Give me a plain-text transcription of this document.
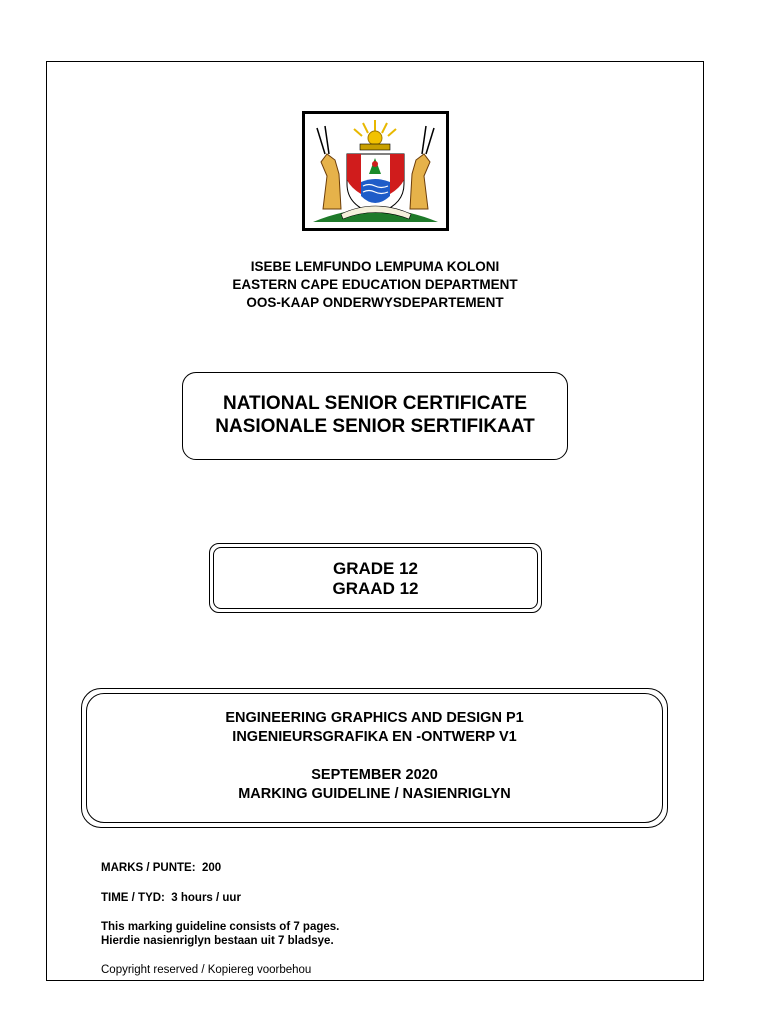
ISEBE LEMFUNDO LEMPUMA KOLONI
EASTERN CAPE EDUCATION DEPARTMENT
OOS-KAAP ONDERWYSDEPARTEMENT
NATIONAL SENIOR CERTIFICATE
NASIONALE SENIOR SERTIFIKAAT
GRADE 12
GRAAD 12
ENGINEERING GRAPHICS AND DESIGN P1
INGENIEURSGRAFIKA EN -ONTWERP V1
SEPTEMBER 2020
MARKING GUIDELINE / NASIENRIGLYN
MARKS / PUNTE: 200
TIME / TYD: 3 hours / uur
This marking guideline consists of 7 pages.
Hierdie nasienriglyn bestaan uit 7 bladsye.
Copyright reserved / Kopiereg voorbehou
